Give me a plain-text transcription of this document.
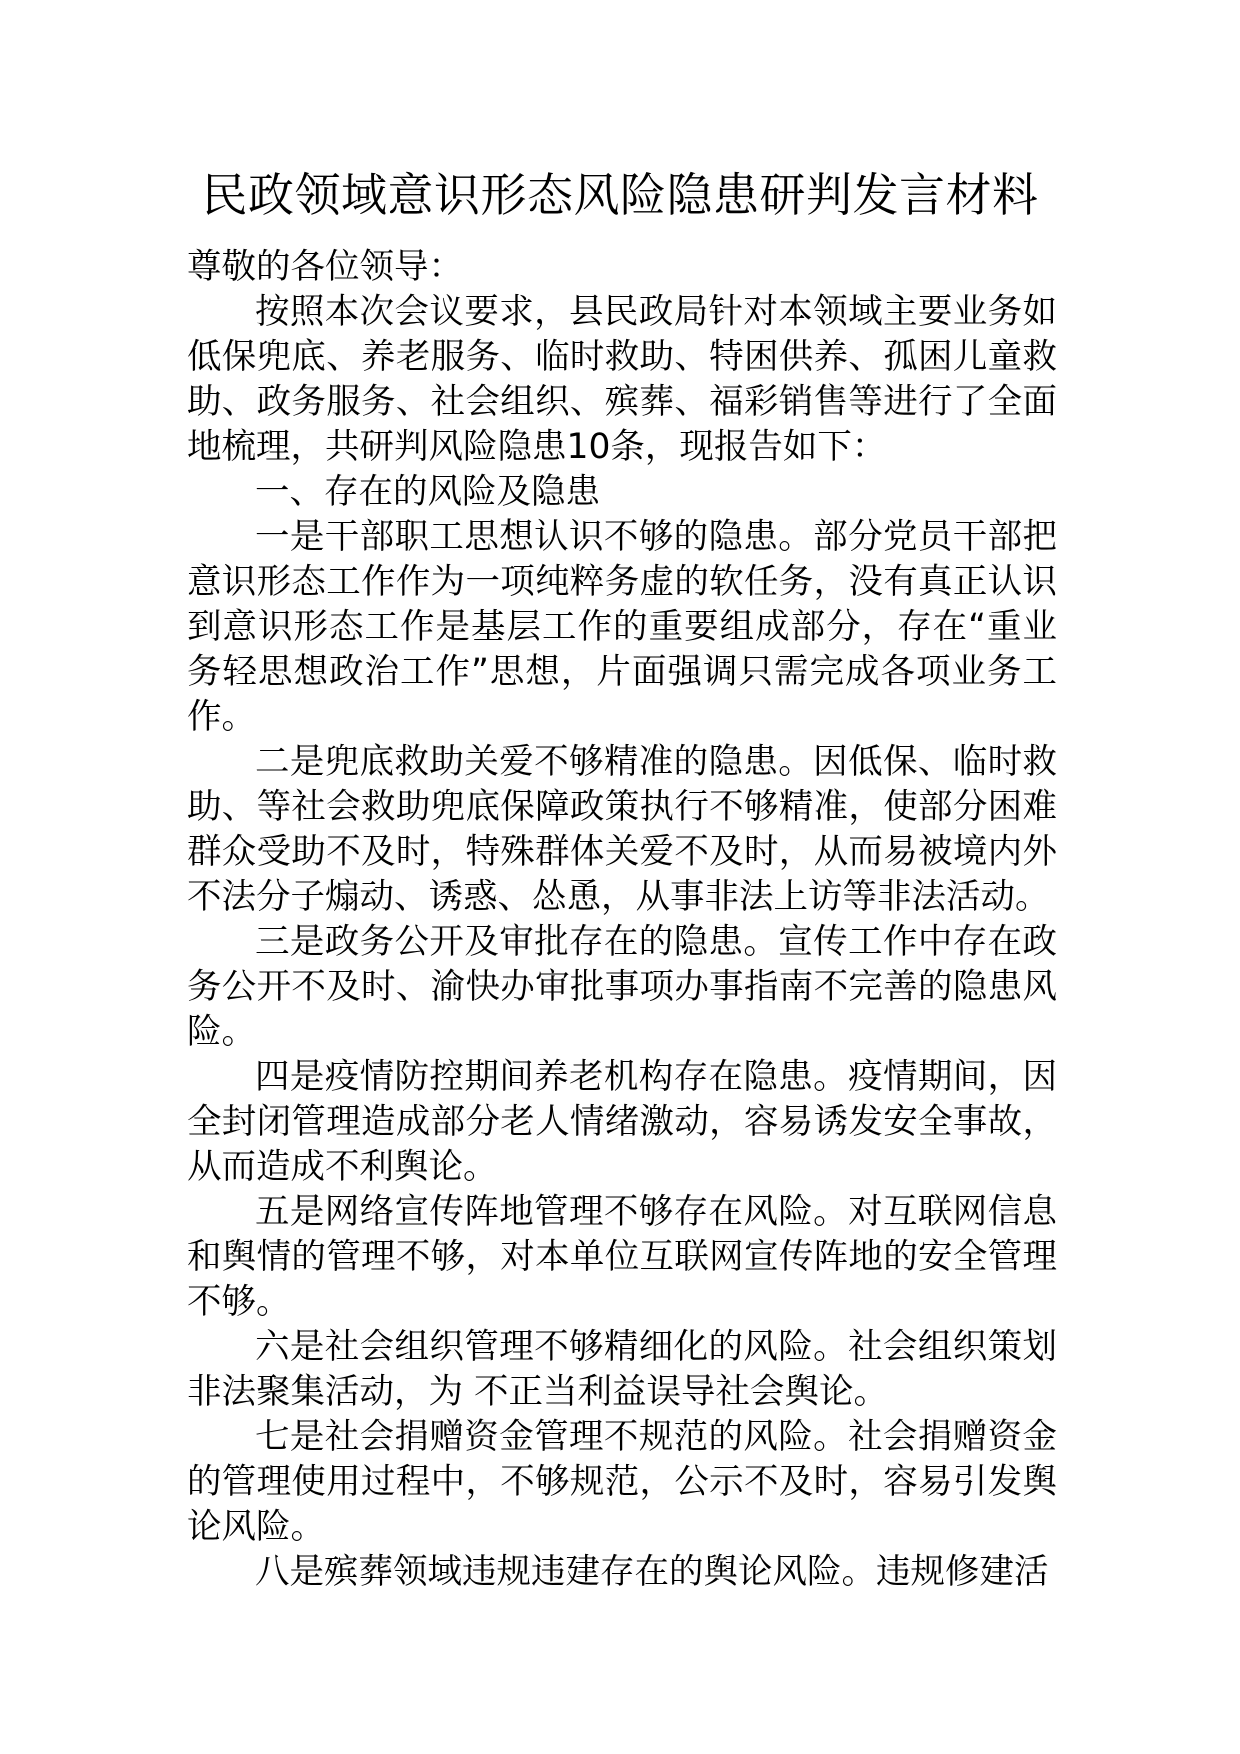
民政领域意识形态风险隐患研判发言材料

尊敬的各位领导：

按照本次会议要求，县民政局针对本领域主要业务如低保兜底、养老服务、临时救助、特困供养、孤困儿童救助、政务服务、社会组织、殡葬、福彩销售等进行了全面地梳理，共研判风险隐患10条，现报告如下：

一、存在的风险及隐患

一是干部职工思想认识不够的隐患。部分党员干部把意识形态工作作为一项纯粹务虚的软任务，没有真正认识到意识形态工作是基层工作的重要组成部分，存在“重业务轻思想政治工作”思想，片面强调只需完成各项业务工作。

二是兜底救助关爱不够精准的隐患。因低保、临时救助、等社会救助兜底保障政策执行不够精准，使部分困难群众受助不及时，特殊群体关爱不及时，从而易被境内外不法分子煽动、诱惑、怂恿，从事非法上访等非法活动。

三是政务公开及审批存在的隐患。宣传工作中存在政务公开不及时、渝快办审批事项办事指南不完善的隐患风险。

四是疫情防控期间养老机构存在隐患。疫情期间，因全封闭管理造成部分老人情绪激动，容易诱发安全事故，从而造成不利舆论。

五是网络宣传阵地管理不够存在风险。对互联网信息和舆情的管理不够，对本单位互联网宣传阵地的安全管理不够。

六是社会组织管理不够精细化的风险。社会组织策划非法聚集活动，为 不正当利益误导社会舆论。

七是社会捐赠资金管理不规范的风险。社会捐赠资金的管理使用过程中，不够规范，公示不及时，容易引发舆论风险。

八是殡葬领域违规违建存在的舆论风险。违规修建活
